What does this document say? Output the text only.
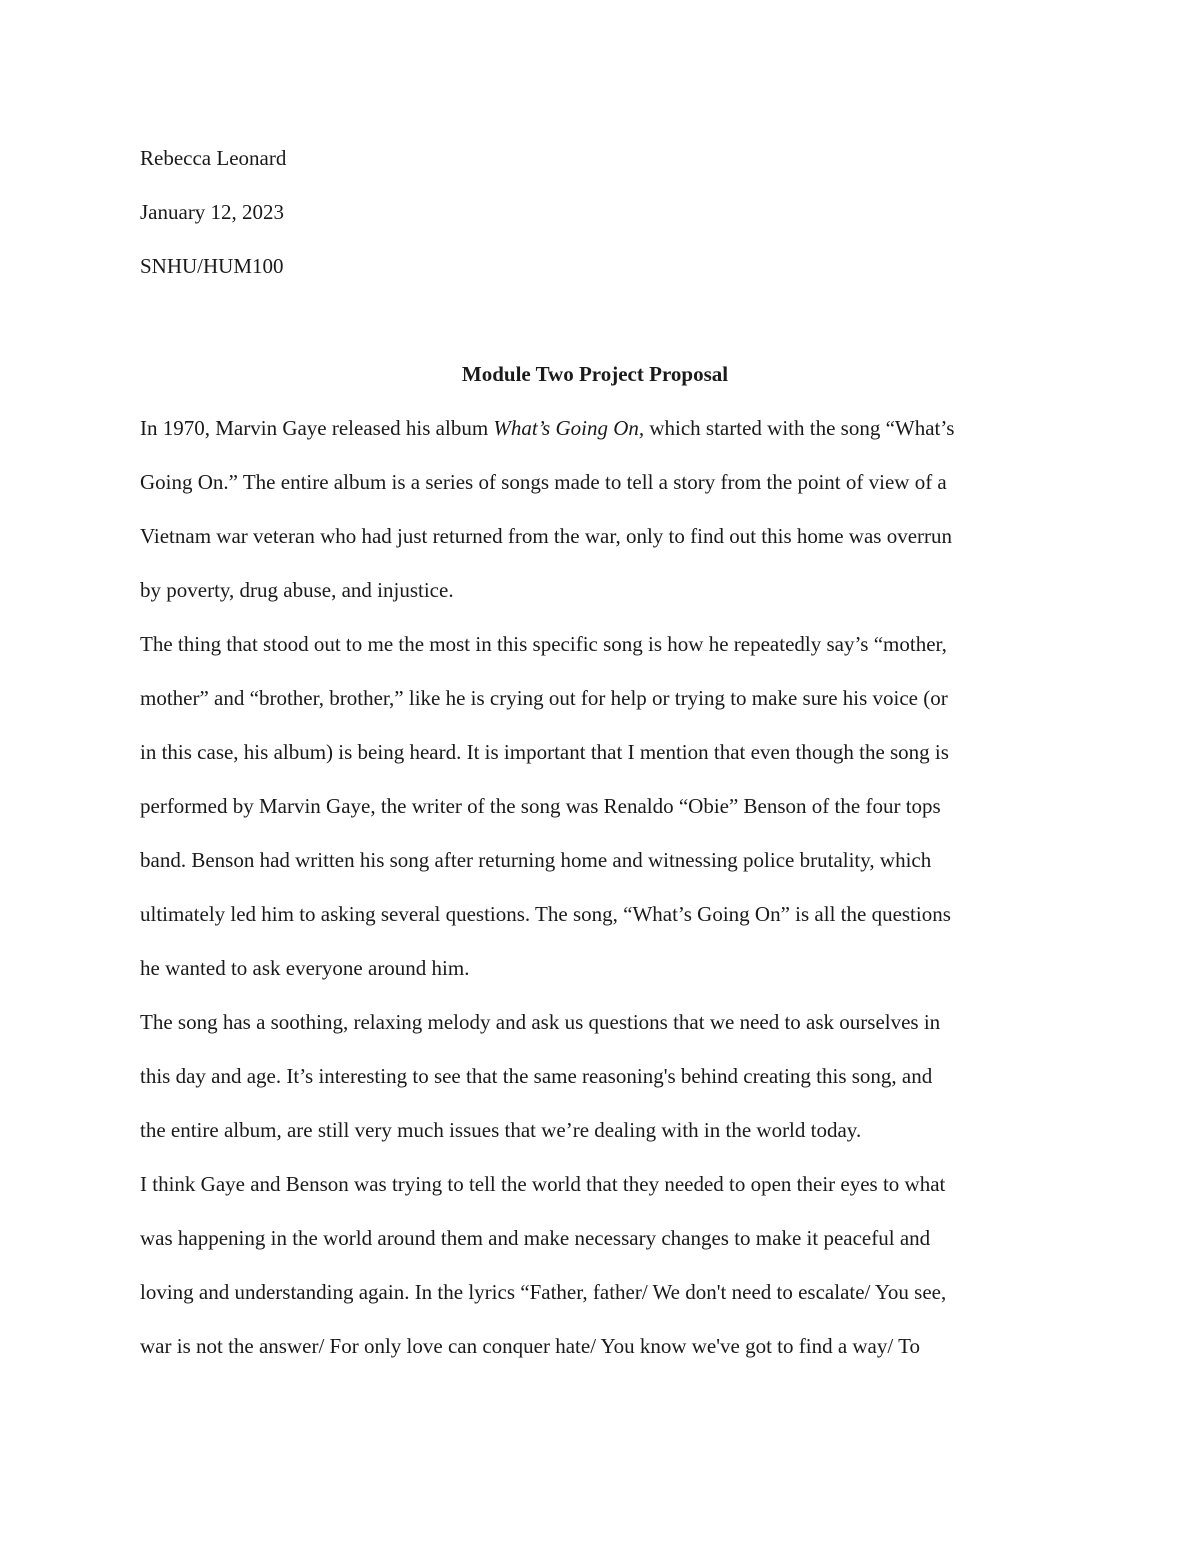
Rebecca Leonard
January 12, 2023
SNHU/HUM100
Module Two Project Proposal
In 1970, Marvin Gaye released his album What’s Going On, which started with the song “What’s
Going On.” The entire album is a series of songs made to tell a story from the point of view of a
Vietnam war veteran who had just returned from the war, only to find out this home was overrun
by poverty, drug abuse, and injustice.
The thing that stood out to me the most in this specific song is how he repeatedly say’s “mother,
mother” and “brother, brother,” like he is crying out for help or trying to make sure his voice (or
in this case, his album) is being heard. It is important that I mention that even though the song is
performed by Marvin Gaye, the writer of the song was Renaldo “Obie” Benson of the four tops
band. Benson had written his song after returning home and witnessing police brutality, which
ultimately led him to asking several questions. The song, “What’s Going On” is all the questions
he wanted to ask everyone around him.
The song has a soothing, relaxing melody and ask us questions that we need to ask ourselves in
this day and age. It’s interesting to see that the same reasoning's behind creating this song, and
the entire album, are still very much issues that we’re dealing with in the world today.
I think Gaye and Benson was trying to tell the world that they needed to open their eyes to what
was happening in the world around them and make necessary changes to make it peaceful and
loving and understanding again. In the lyrics “Father, father/ We don't need to escalate/ You see,
war is not the answer/ For only love can conquer hate/ You know we've got to find a way/ To
